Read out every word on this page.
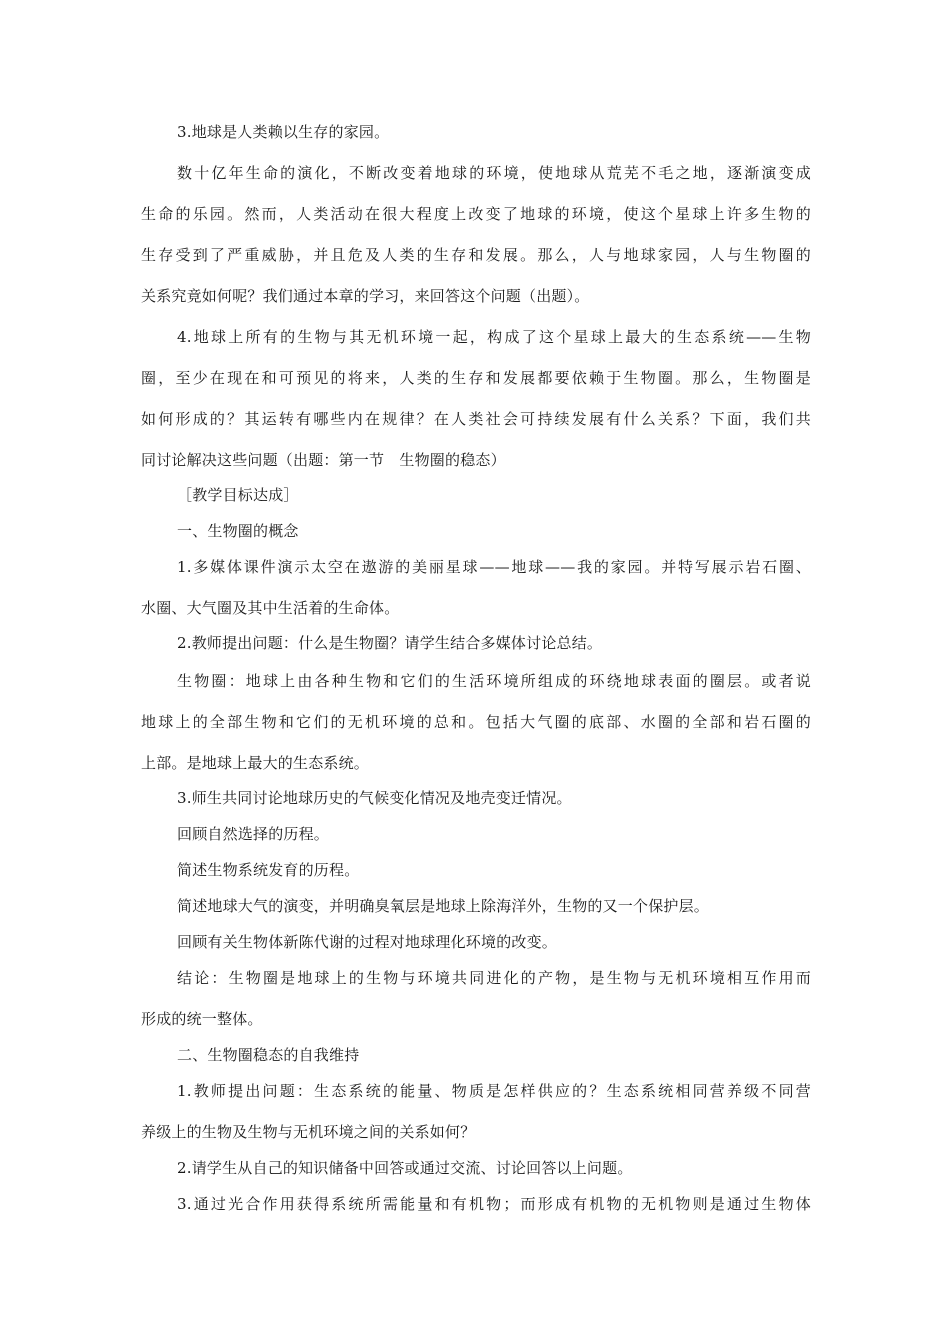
3.地球是人类赖以生存的家园。
数十亿年生命的演化，不断改变着地球的环境，使地球从荒芜不毛之地，逐渐演变成
生命的乐园。然而，人类活动在很大程度上改变了地球的环境，使这个星球上许多生物的
生存受到了严重威胁，并且危及人类的生存和发展。那么，人与地球家园，人与生物圈的
关系究竟如何呢？我们通过本章的学习，来回答这个问题（出题）。
4.地球上所有的生物与其无机环境一起，构成了这个星球上最大的生态系统——生物
圈，至少在现在和可预见的将来，人类的生存和发展都要依赖于生物圈。那么，生物圈是
如何形成的？其运转有哪些内在规律？在人类社会可持续发展有什么关系？下面，我们共
同讨论解决这些问题（出题：第一节　生物圈的稳态）
［教学目标达成］
一、生物圈的概念
1.多媒体课件演示太空在遨游的美丽星球——地球——我的家园。并特写展示岩石圈、
水圈、大气圈及其中生活着的生命体。
2.教师提出问题：什么是生物圈？请学生结合多媒体讨论总结。
生物圈：地球上由各种生物和它们的生活环境所组成的环绕地球表面的圈层。或者说
地球上的全部生物和它们的无机环境的总和。包括大气圈的底部、水圈的全部和岩石圈的
上部。是地球上最大的生态系统。
3.师生共同讨论地球历史的气候变化情况及地壳变迁情况。
回顾自然选择的历程。
简述生物系统发育的历程。
简述地球大气的演变，并明确臭氧层是地球上除海洋外，生物的又一个保护层。
回顾有关生物体新陈代谢的过程对地球理化环境的改变。
结论：生物圈是地球上的生物与环境共同进化的产物，是生物与无机环境相互作用而
形成的统一整体。
二、生物圈稳态的自我维持
1.教师提出问题：生态系统的能量、物质是怎样供应的？生态系统相同营养级不同营
养级上的生物及生物与无机环境之间的关系如何？
2.请学生从自己的知识储备中回答或通过交流、讨论回答以上问题。
3.通过光合作用获得系统所需能量和有机物；而形成有机物的无机物则是通过生物体
